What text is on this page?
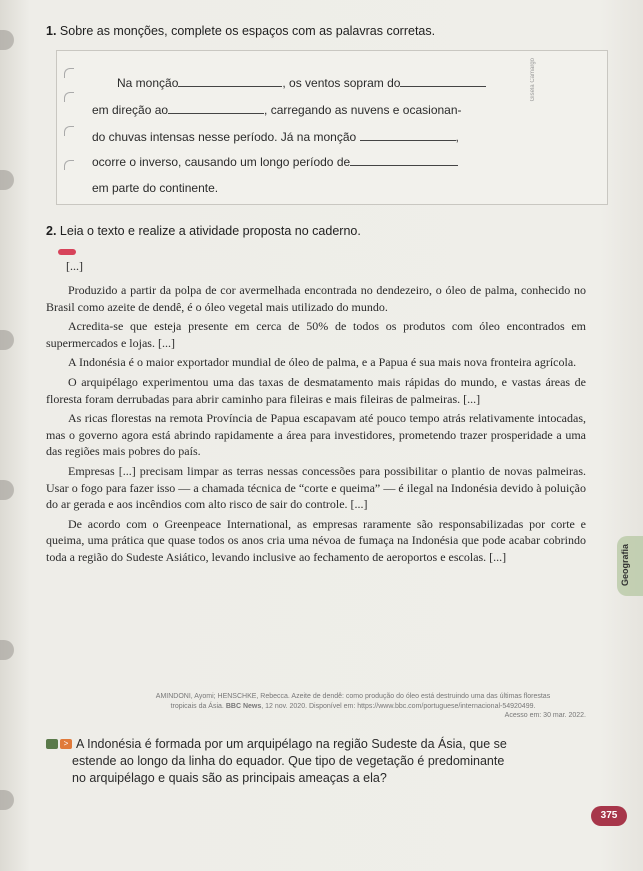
1. Sobre as monções, complete os espaços com as palavras corretas.
Na monção	, os ventos sopram do
em direção ao	, carregando as nuvens e ocasionan-
do chuvas intensas nesse período. Já na monção	,
ocorre o inverso, causando um longo período de
em parte do continente.
Gisela Camargo
2. Leia o texto e realize a atividade proposta no caderno.
[...]

Produzido a partir da polpa de cor avermelhada encontrada no dendezeiro, o óleo de palma, conhecido no Brasil como azeite de dendê, é o óleo vegetal mais utilizado do mundo.

Acredita-se que esteja presente em cerca de 50% de todos os produtos com óleo encontrados em supermercados e lojas. [...]

A Indonésia é o maior exportador mundial de óleo de palma, e a Papua é sua mais nova fronteira agrícola.

O arquipélago experimentou uma das taxas de desmatamento mais rápidas do mundo, e vastas áreas de floresta foram derrubadas para abrir caminho para fileiras e mais fileiras de palmeiras. [...]

As ricas florestas na remota Província de Papua escapavam até pouco tempo atrás relativamente intocadas, mas o governo agora está abrindo rapidamente a área para investidores, prometendo trazer prosperidade a uma das regiões mais pobres do país.

Empresas [...] precisam limpar as terras nessas concessões para possibilitar o plantio de novas palmeiras. Usar o fogo para fazer isso — a chamada técnica de “corte e queima” — é ilegal na Indonésia devido à poluição do ar gerada e aos incêndios com alto risco de sair do controle. [...]

De acordo com o Greenpeace International, as empresas raramente são responsabilizadas por corte e queima, uma prática que quase todos os anos cria uma névoa de fumaça na Indonésia que pode acabar cobrindo toda a região do Sudeste Asiático, levando inclusive ao fechamento de aeroportos e escolas. [...]

AMINDONI, Ayomi; HENSCHKE, Rebecca. Azeite de dendê: como produção do óleo está destruindo uma das últimas florestas
tropicais da Ásia. BBC News, 12 nov. 2020. Disponível em: https://www.bbc.com/portuguese/internacional-54920499.
Acesso em: 30 mar. 2022.
Geografia
> A Indonésia é formada por um arquipélago na região Sudeste da Ásia, que se
estende ao longo da linha do equador. Que tipo de vegetação é predominante
no arquipélago e quais são as principais ameaças a ela?
375
